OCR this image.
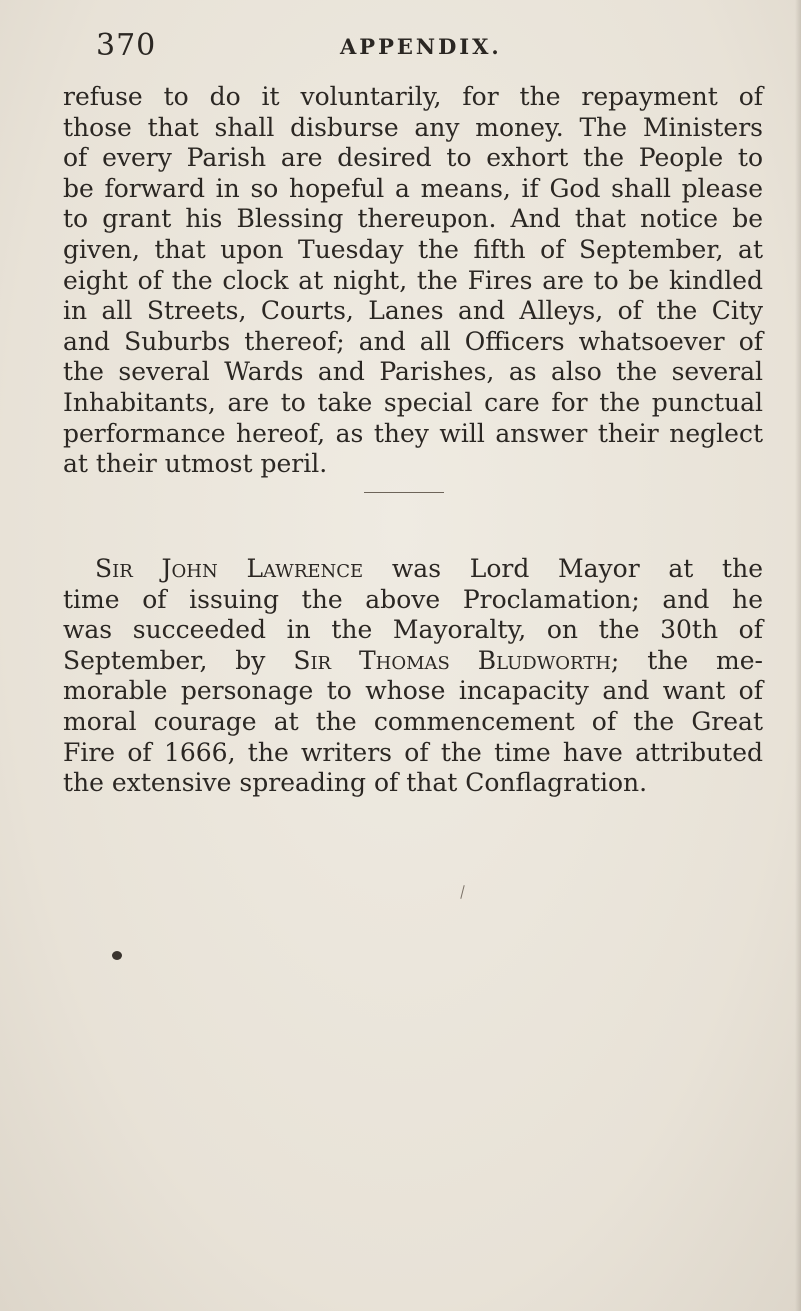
370	APPENDIX.
refuse to do it voluntarily, for the repayment of
those that shall disburse any money. The Ministers
of every Parish are desired to exhort the People to
be forward in so hopeful a means, if God shall please
to grant his Blessing thereupon. And that notice be
given, that upon Tuesday the fifth of September, at
eight of the clock at night, the Fires are to be kindled
in all Streets, Courts, Lanes and Alleys, of the City
and Suburbs thereof; and all Officers whatsoever of
the several Wards and Parishes, as also the several
Inhabitants, are to take special care for the punctual
performance hereof, as they will answer their neglect
at their utmost peril.
Sir John Lawrence was Lord Mayor at the
time of issuing the above Proclamation; and he
was succeeded in the Mayoralty, on the 30th of
September, by Sir Thomas Bludworth; the me-
morable personage to whose incapacity and want of
moral courage at the commencement of the Great
Fire of 1666, the writers of the time have attributed
the extensive spreading of that Conflagration.
